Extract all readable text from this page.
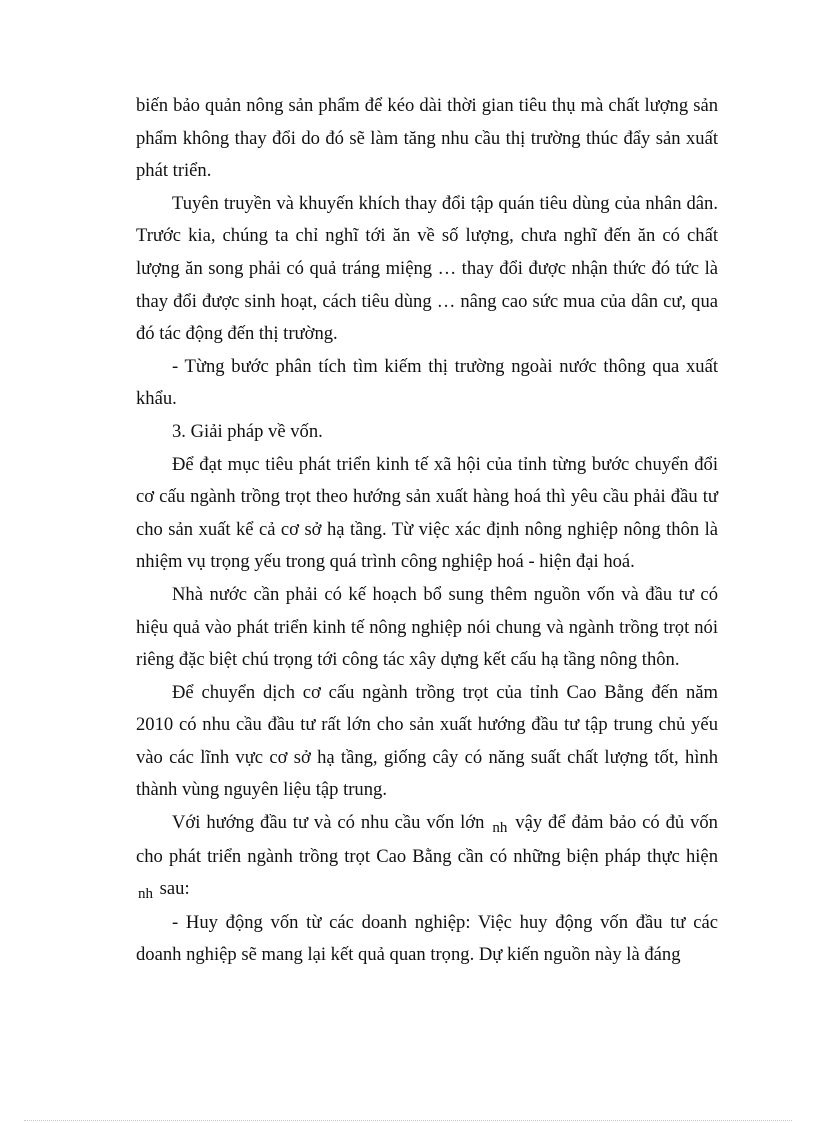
biến bảo quản nông sản phẩm để kéo dài thời gian tiêu thụ mà chất lượng sản phẩm không thay đổi do đó sẽ làm tăng nhu cầu thị trường thúc đẩy sản xuất phát triển.

Tuyên truyền và khuyến khích thay đổi tập quán tiêu dùng của nhân dân. Trước kia, chúng ta chỉ nghĩ tới ăn về số lượng, chưa nghĩ đến ăn có chất lượng ăn song phải có quả tráng miệng … thay đổi được nhận thức đó tức là thay đổi được sinh hoạt, cách tiêu dùng … nâng cao sức mua của dân cư, qua đó tác động đến thị trường.

- Từng bước phân tích tìm kiếm thị trường ngoài nước thông qua xuất khẩu.

3. Giải pháp về vốn.

Để đạt mục tiêu phát triển kinh tế xã hội của tỉnh từng bước chuyển đổi cơ cấu ngành trồng trọt theo hướng sản xuất hàng hoá thì yêu cầu phải đầu tư cho sản xuất kể cả cơ sở hạ tầng. Từ việc xác định nông nghiệp nông thôn là nhiệm vụ trọng yếu trong quá trình công nghiệp hoá - hiện đại hoá.

Nhà nước cần phải có kế hoạch bổ sung thêm nguồn vốn và đầu tư có hiệu quả vào phát triển kinh tế nông nghiệp nói chung và ngành trồng trọt nói riêng đặc biệt chú trọng tới công tác xây dựng kết cấu hạ tầng nông thôn.

Để chuyển dịch cơ cấu ngành trồng trọt của tỉnh Cao Bằng đến năm 2010 có nhu cầu đầu tư rất lớn cho sản xuất hướng đầu tư tập trung chủ yếu vào các lĩnh vực cơ sở hạ tầng, giống cây có năng suất chất lượng tốt, hình thành vùng nguyên liệu tập trung.

Với hướng đầu tư và có nhu cầu vốn lớn $_{nh}$ vậy để đảm bảo có đủ vốn cho phát triển ngành trồng trọt Cao Bằng cần có những biện pháp thực hiện $_{nh}$ sau:

- Huy động vốn từ các doanh nghiệp: Việc huy động vốn đầu tư các doanh nghiệp sẽ mang lại kết quả quan trọng. Dự kiến nguồn này là đáng
